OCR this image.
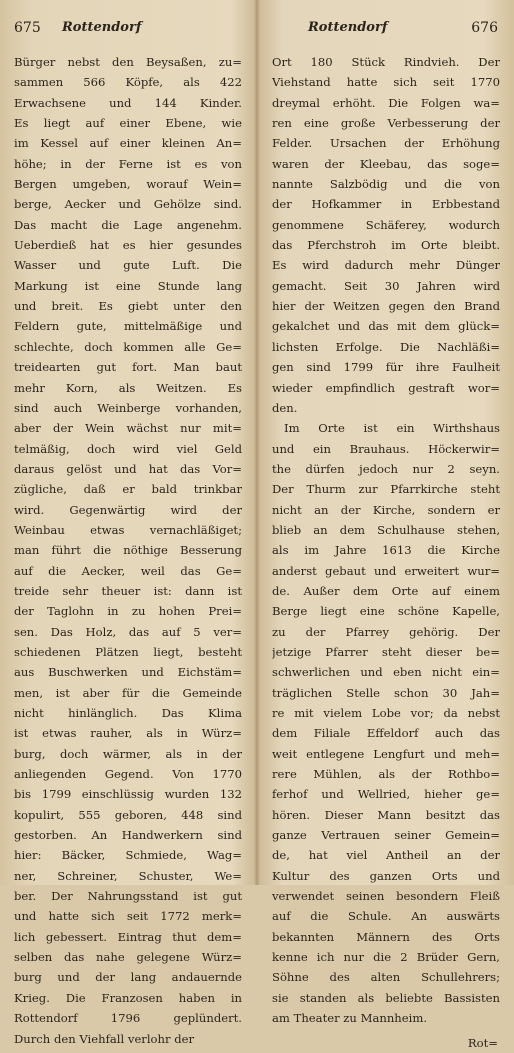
675 Rottendorf
Bürger nebst den Beysaßen, zu=
sammen 566 Köpfe, als 422
Erwachsene und 144 Kinder.
Es liegt auf einer Ebene, wie
im Kessel auf einer kleinen An=
höhe; in der Ferne ist es von
Bergen umgeben, worauf Wein=
berge, Aecker und Gehölze sind.
Das macht die Lage angenehm.
Ueberdieß hat es hier gesundes
Wasser und gute Luft. Die
Markung ist eine Stunde lang
und breit. Es giebt unter den
Feldern gute, mittelmäßige und
schlechte, doch kommen alle Ge=
treidearten gut fort. Man baut
mehr Korn, als Weitzen. Es
sind auch Weinberge vorhanden,
aber der Wein wächst nur mit=
telmäßig, doch wird viel Geld
daraus gelöst und hat das Vor=
zügliche, daß er bald trinkbar
wird. Gegenwärtig wird der
Weinbau etwas vernachläßiget;
man führt die nöthige Besserung
auf die Aecker, weil das Ge=
treide sehr theuer ist: dann ist
der Taglohn in zu hohen Prei=
sen. Das Holz, das auf 5 ver=
schiedenen Plätzen liegt, besteht
aus Buschwerken und Eichstäm=
men, ist aber für die Gemeinde
nicht hinlänglich. Das Klima
ist etwas rauher, als in Würz=
burg, doch wärmer, als in der
anliegenden Gegend. Von 1770
bis 1799 einschlüssig wurden 132
kopulirt, 555 geboren, 448 sind
gestorben. An Handwerkern sind
hier: Bäcker, Schmiede, Wag=
ner, Schreiner, Schuster, We=
ber. Der Nahrungsstand ist gut
und hatte sich seit 1772 merk=
lich gebessert. Eintrag thut dem=
selben das nahe gelegene Würz=
burg und der lang andauernde
Krieg. Die Franzosen haben in
Rottendorf 1796 geplündert.
Durch den Viehfall verlohr der
Rottendorf	676
Ort 180 Stück Rindvieh. Der
Viehstand hatte sich seit 1770
dreymal erhöht. Die Folgen wa=
ren eine große Verbesserung der
Felder. Ursachen der Erhöhung
waren der Kleebau, das soge=
nannte Salzbödig und die von
der Hofkammer in Erbbestand
genommene Schäferey, wodurch
das Pferchstroh im Orte bleibt.
Es wird dadurch mehr Dünger
gemacht. Seit 30 Jahren wird
hier der Weitzen gegen den Brand
gekalchet und das mit dem glück=
lichsten Erfolge. Die Nachläßi=
gen sind 1799 für ihre Faulheit
wieder empfindlich gestraft wor=
den.
Im Orte ist ein Wirthshaus
und ein Brauhaus. Höckerwir=
the dürfen jedoch nur 2 seyn.
Der Thurm zur Pfarrkirche steht
nicht an der Kirche, sondern er
blieb an dem Schulhause stehen,
als im Jahre 1613 die Kirche
anderst gebaut und erweitert wur=
de. Außer dem Orte auf einem
Berge liegt eine schöne Kapelle,
zu der Pfarrey gehörig. Der
jetzige Pfarrer steht dieser be=
schwerlichen und eben nicht ein=
träglichen Stelle schon 30 Jah=
re mit vielem Lobe vor; da nebst
dem Filiale Effeldorf auch das
weit entlegene Lengfurt und meh=
rere Mühlen, als der Rothbo=
ferhof und Wellried, hieher ge=
hören. Dieser Mann besitzt das
ganze Vertrauen seiner Gemein=
de, hat viel Antheil an der
Kultur des ganzen Orts und
verwendet seinen besondern Fleiß
auf die Schule. An auswärts
bekannten Männern des Orts
kenne ich nur die 2 Brüder Gern,
Söhne des alten Schullehrers;
sie standen als beliebte Bassisten
am Theater zu Mannheim.
Rot=
